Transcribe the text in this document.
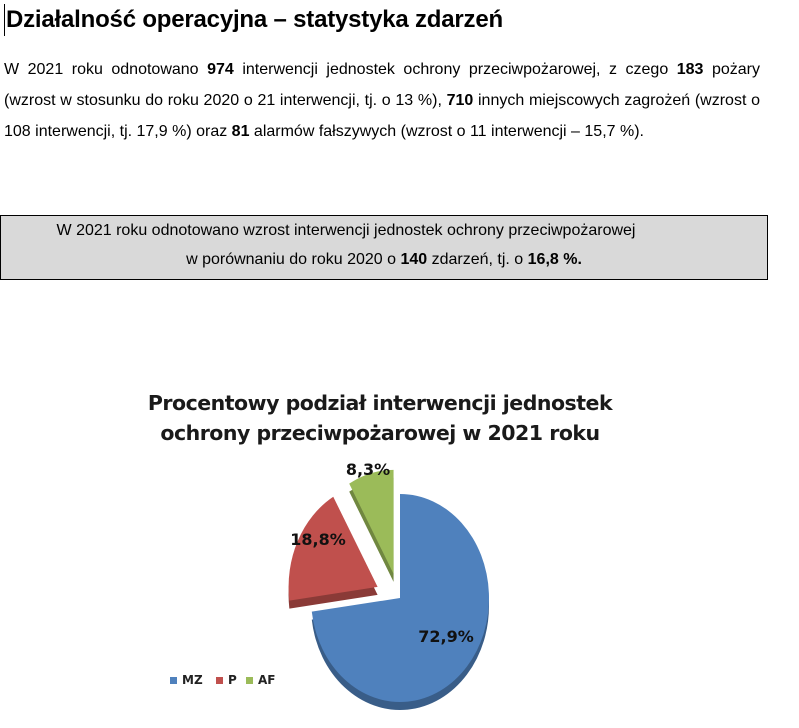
Działalność operacyjna – statystyka zdarzeń

W 2021 roku odnotowano 974 interwencji jednostek ochrony przeciwpożarowej, z czego 183 pożary (wzrost w stosunku do roku 2020 o 21 interwencji, tj. o 13 %), 710 innych miejscowych zagrożeń (wzrost o 108 interwencji, tj. 17,9 %) oraz 81 alarmów fałszywych (wzrost o 11 interwencji – 15,7 %).

W 2021 roku odnotowano wzrost interwencji jednostek ochrony przeciwpożarowej
w porównaniu do roku 2020 o 140 zdarzeń, tj. o 16,8 %.
Procentowy podział interwencji jednostek
ochrony przeciwpożarowej w 2021 roku
72,9%
18,8%
8,3%
MZ P AF
